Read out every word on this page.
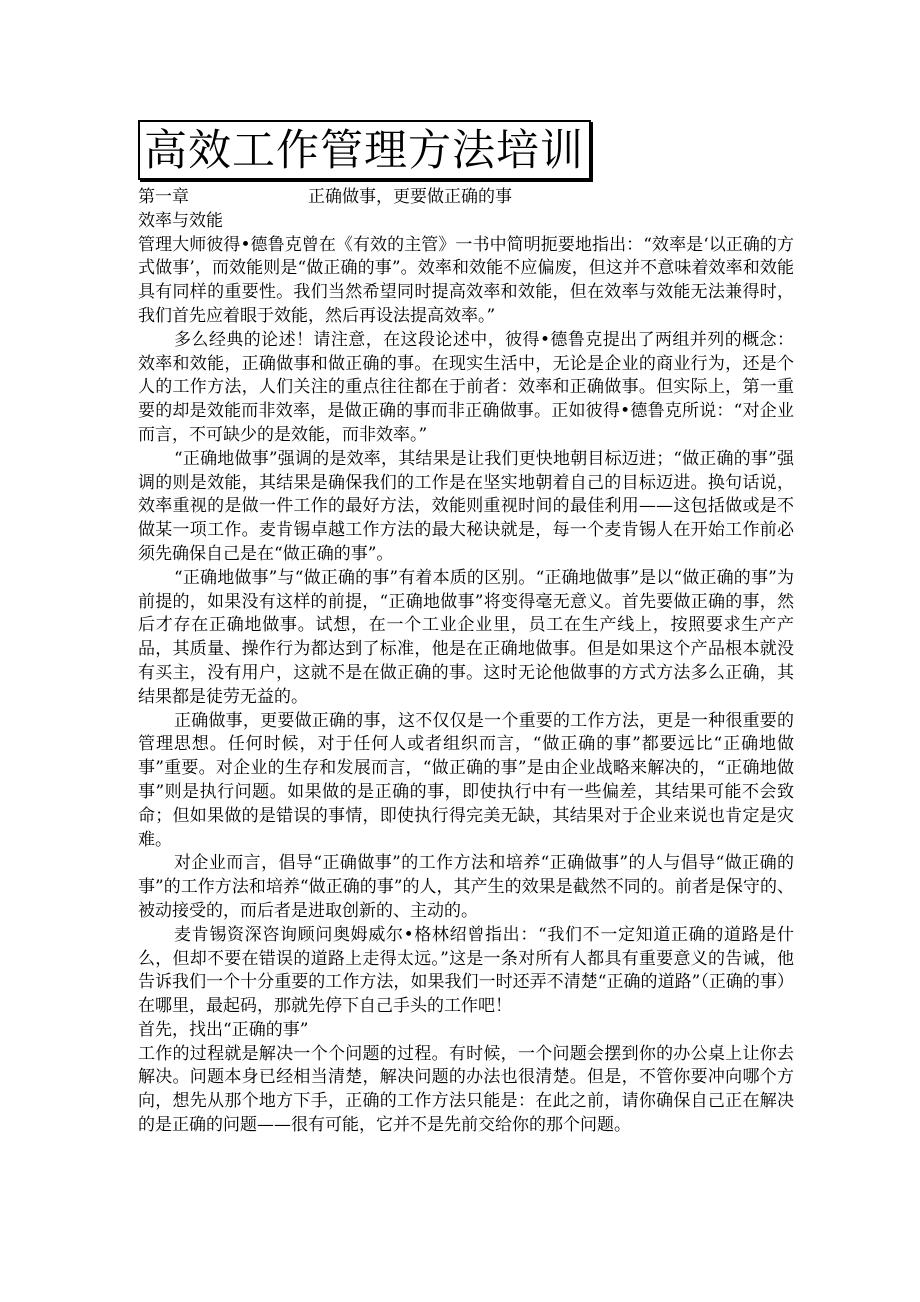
高效工作管理方法培训
第一章	正确做事，更要做正确的事

效率与效能

管理大师彼得•德鲁克曾在《有效的主管》一书中简明扼要地指出：“效率是‘以正确的方式做事’，而效能则是“做正确的事”。效率和效能不应偏废，但这并不意味着效率和效能具有同样的重要性。我们当然希望同时提高效率和效能，但在效率与效能无法兼得时，我们首先应着眼于效能，然后再设法提高效率。”

多么经典的论述！请注意，在这段论述中，彼得•德鲁克提出了两组并列的概念：效率和效能，正确做事和做正确的事。在现实生活中，无论是企业的商业行为，还是个人的工作方法，人们关注的重点往往都在于前者：效率和正确做事。但实际上，第一重要的却是效能而非效率，是做正确的事而非正确做事。正如彼得•德鲁克所说：“对企业而言，不可缺少的是效能，而非效率。”

“正确地做事”强调的是效率，其结果是让我们更快地朝目标迈进；“做正确的事”强调的则是效能，其结果是确保我们的工作是在坚实地朝着自己的目标迈进。换句话说，效率重视的是做一件工作的最好方法，效能则重视时间的最佳利用——这包括做或是不做某一项工作。麦肯锡卓越工作方法的最大秘诀就是，每一个麦肯锡人在开始工作前必须先确保自己是在“做正确的事”。

“正确地做事”与“做正确的事”有着本质的区别。“正确地做事”是以“做正确的事”为前提的，如果没有这样的前提，“正确地做事”将变得毫无意义。首先要做正确的事，然后才存在正确地做事。试想，在一个工业企业里，员工在生产线上，按照要求生产产品，其质量、操作行为都达到了标准，他是在正确地做事。但是如果这个产品根本就没有买主，没有用户，这就不是在做正确的事。这时无论他做事的方式方法多么正确，其结果都是徒劳无益的。

正确做事，更要做正确的事，这不仅仅是一个重要的工作方法，更是一种很重要的管理思想。任何时候，对于任何人或者组织而言，“做正确的事”都要远比“正确地做事”重要。对企业的生存和发展而言，“做正确的事”是由企业战略来解决的，“正确地做事”则是执行问题。如果做的是正确的事，即使执行中有一些偏差，其结果可能不会致命；但如果做的是错误的事情，即使执行得完美无缺，其结果对于企业来说也肯定是灾难。

对企业而言，倡导“正确做事”的工作方法和培养“正确做事”的人与倡导“做正确的事”的工作方法和培养“做正确的事”的人，其产生的效果是截然不同的。前者是保守的、被动接受的，而后者是进取创新的、主动的。

麦肯锡资深咨询顾问奥姆威尔•格林绍曾指出：“我们不一定知道正确的道路是什么，但却不要在错误的道路上走得太远。”这是一条对所有人都具有重要意义的告诫，他告诉我们一个十分重要的工作方法，如果我们一时还弄不清楚“正确的道路”（正确的事）在哪里，最起码，那就先停下自己手头的工作吧！

首先，找出“正确的事”

工作的过程就是解决一个个问题的过程。有时候，一个问题会摆到你的办公桌上让你去解决。问题本身已经相当清楚，解决问题的办法也很清楚。但是，不管你要冲向哪个方向，想先从那个地方下手，正确的工作方法只能是：在此之前，请你确保自己正在解决的是正确的问题——很有可能，它并不是先前交给你的那个问题。
